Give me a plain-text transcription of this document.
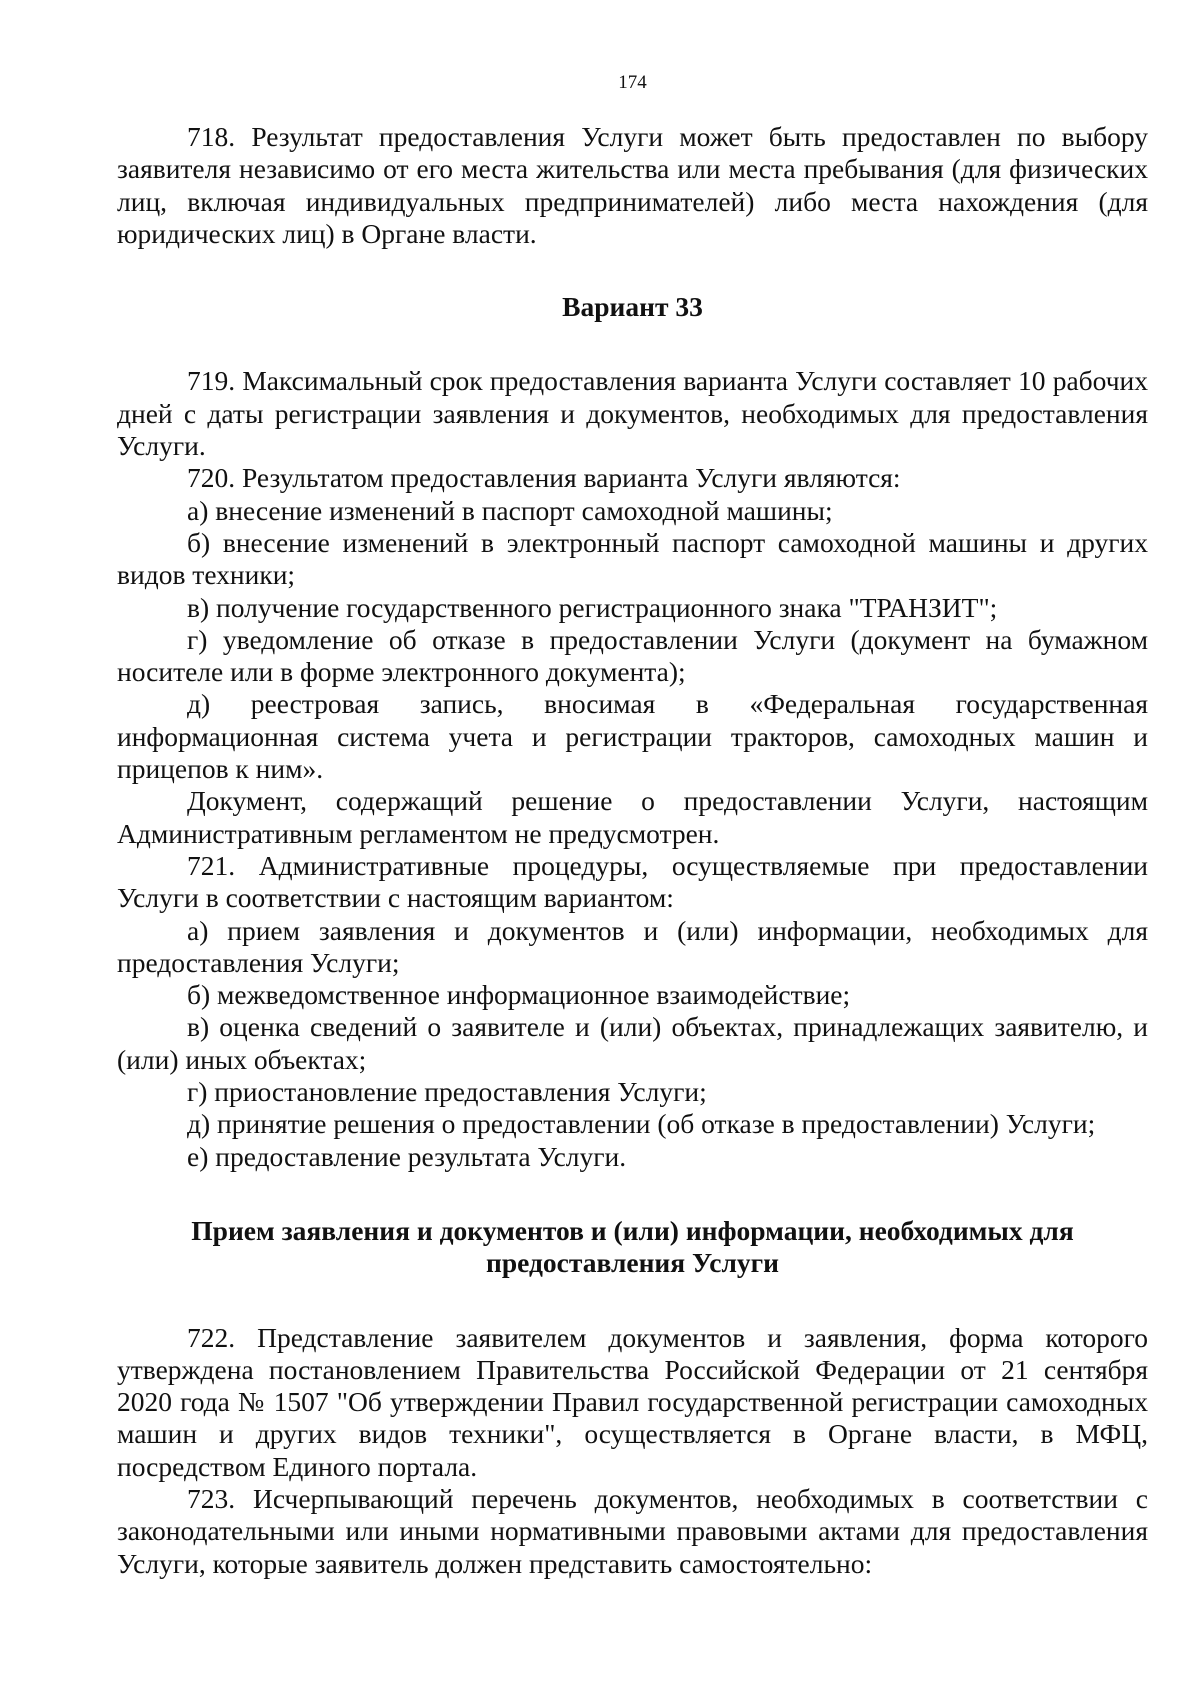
174

718. Результат предоставления Услуги может быть предоставлен по выбору заявителя независимо от его места жительства или места пребывания (для физических лиц, включая индивидуальных предпринимателей) либо места нахождения (для юридических лиц) в Органе власти.

Вариант 33

719. Максимальный срок предоставления варианта Услуги составляет 10 рабочих дней с даты регистрации заявления и документов, необходимых для предоставления Услуги.

720. Результатом предоставления варианта Услуги являются:

а) внесение изменений в паспорт самоходной машины;

б) внесение изменений в электронный паспорт самоходной машины и других видов техники;

в) получение государственного регистрационного знака "ТРАНЗИТ";

г) уведомление об отказе в предоставлении Услуги (документ на бумажном носителе или в форме электронного документа);

д) реестровая запись, вносимая в «Федеральная государственная информационная система учета и регистрации тракторов, самоходных машин и прицепов к ним».

Документ, содержащий решение о предоставлении Услуги, настоящим Административным регламентом не предусмотрен.

721. Административные процедуры, осуществляемые при предоставлении Услуги в соответствии с настоящим вариантом:

а) прием заявления и документов и (или) информации, необходимых для предоставления Услуги;

б) межведомственное информационное взаимодействие;

в) оценка сведений о заявителе и (или) объектах, принадлежащих заявителю, и (или) иных объектах;

г) приостановление предоставления Услуги;

д) принятие решения о предоставлении (об отказе в предоставлении) Услуги;

е) предоставление результата Услуги.

Прием заявления и документов и (или) информации, необходимых для
предоставления Услуги

722. Представление заявителем документов и заявления, форма которого утверждена постановлением Правительства Российской Федерации от 21 сентября 2020 года № 1507 "Об утверждении Правил государственной регистрации самоходных машин и других видов техники", осуществляется в Органе власти, в МФЦ, посредством Единого портала.

723. Исчерпывающий перечень документов, необходимых в соответствии с законодательными или иными нормативными правовыми актами для предоставления Услуги, которые заявитель должен представить самостоятельно:
